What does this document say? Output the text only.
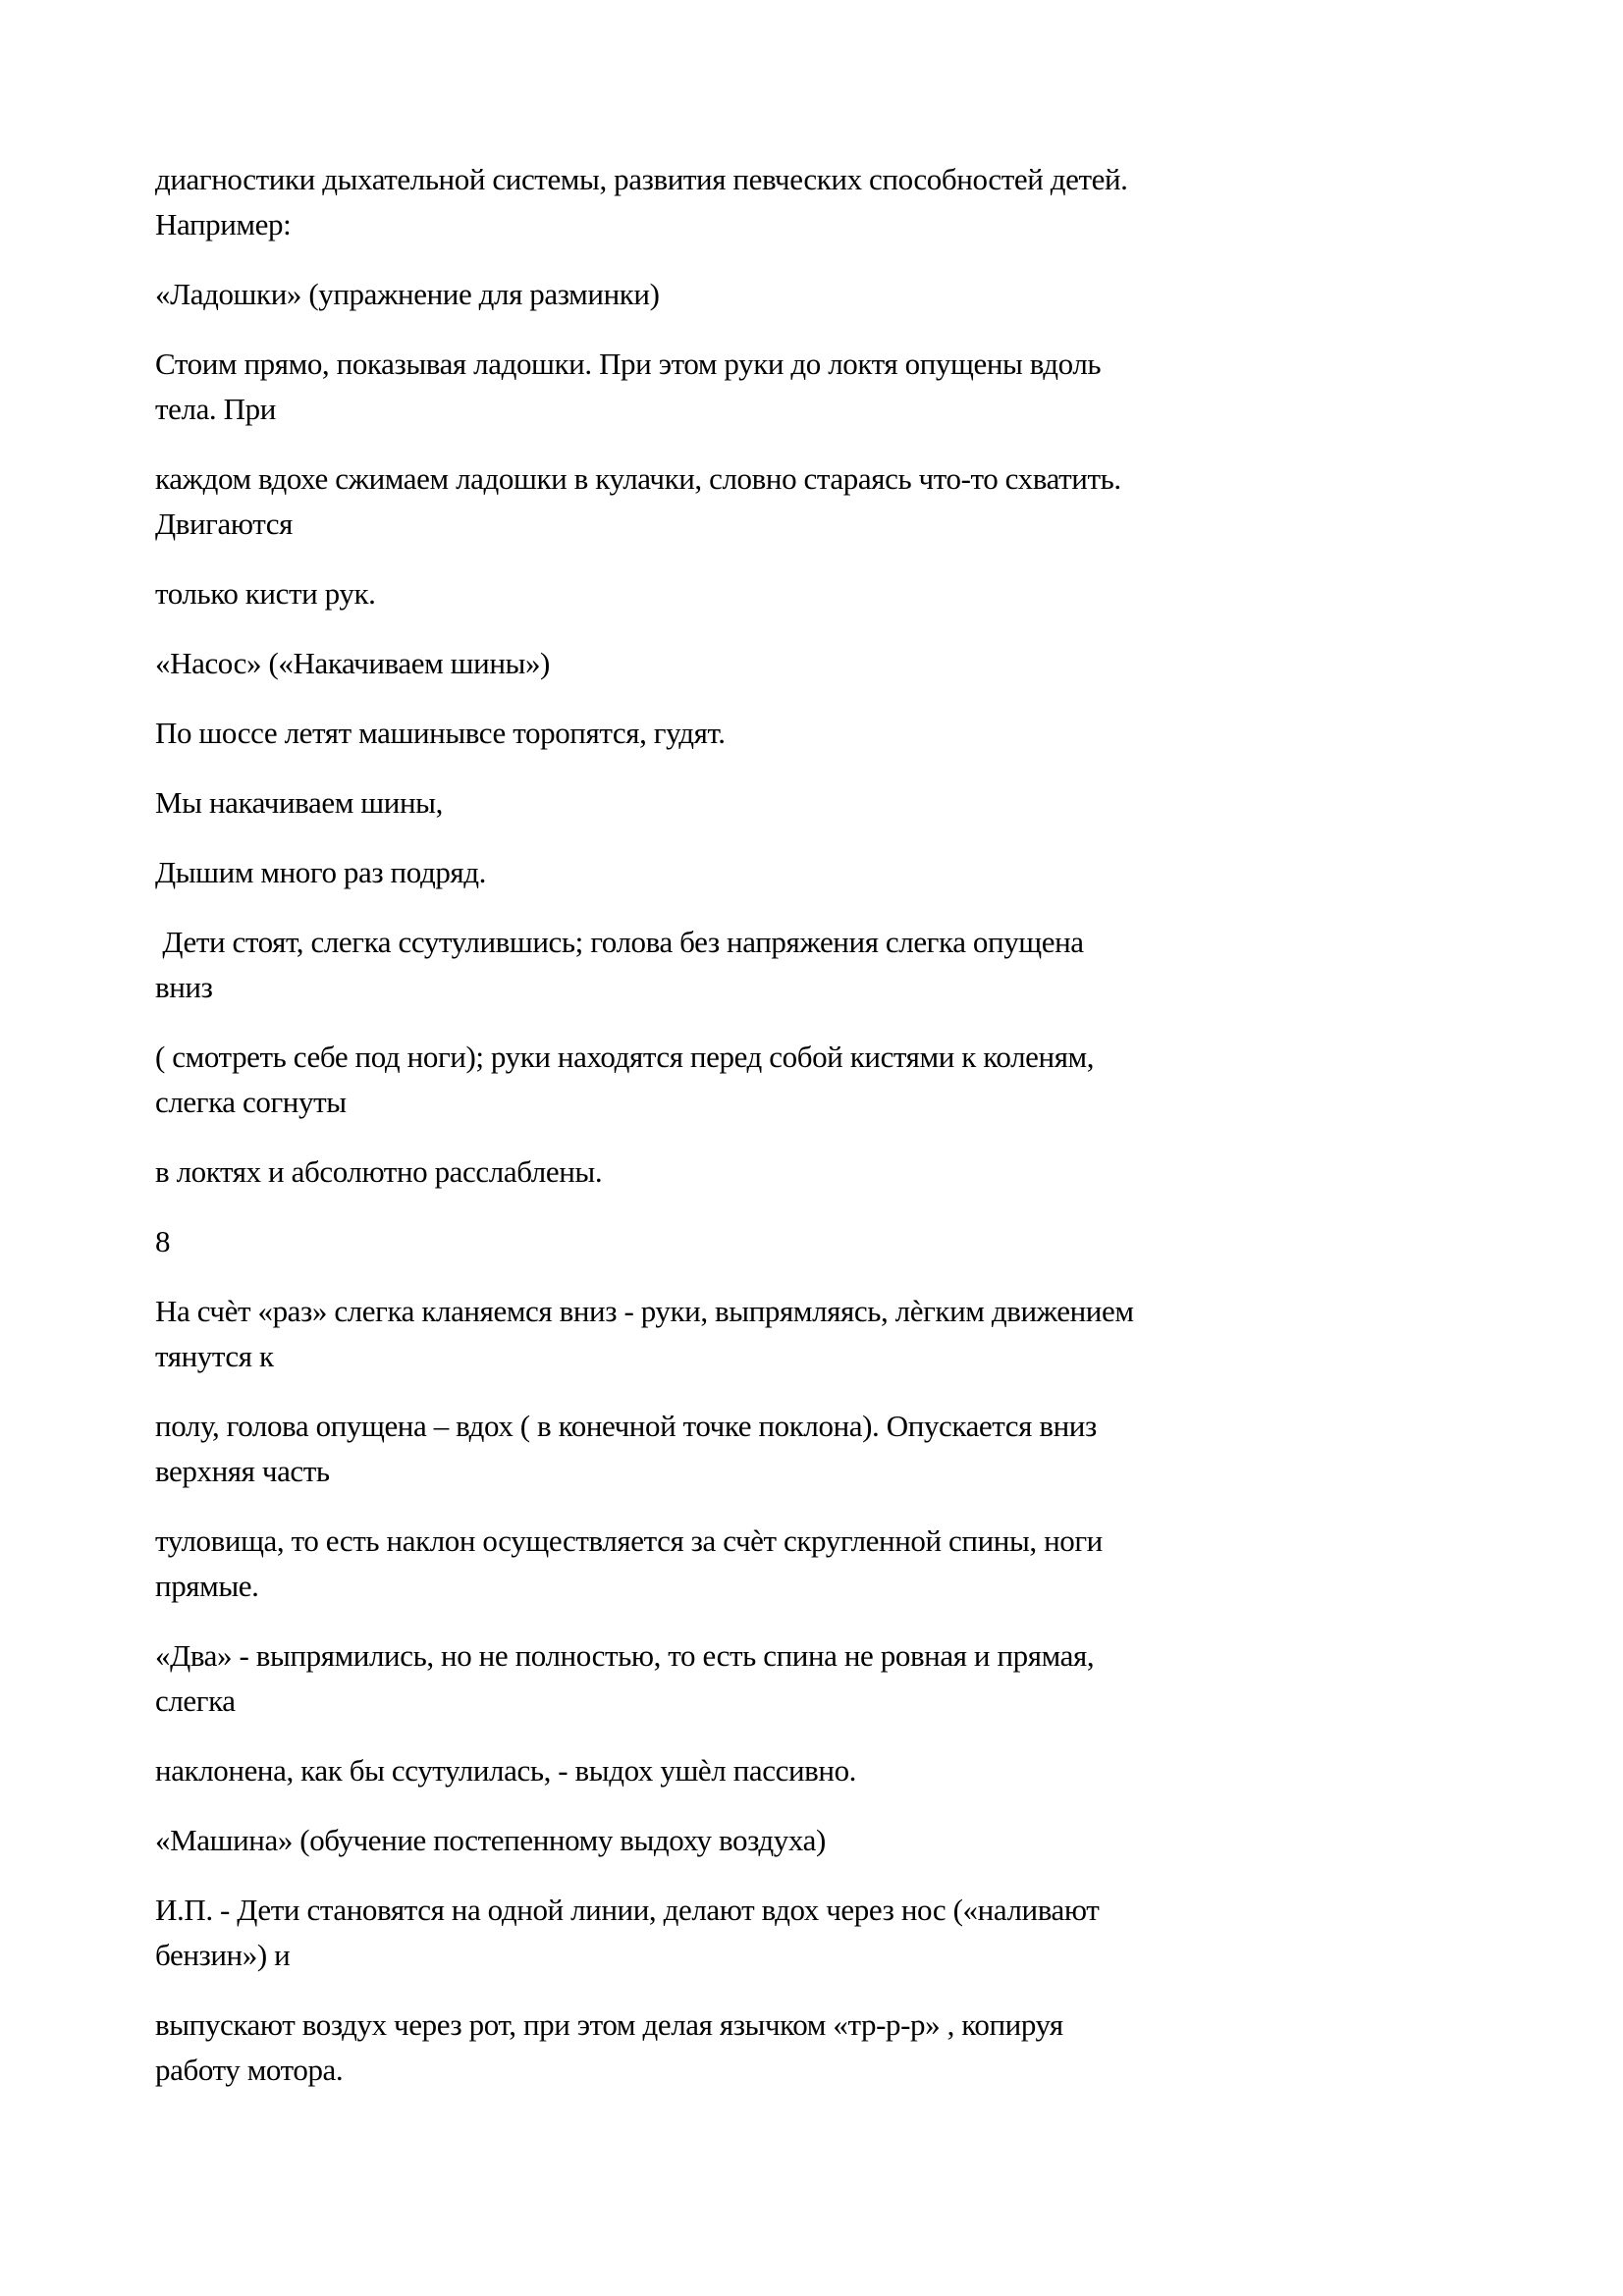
диагностики дыхательной системы, развития певческих способностей детей.
Например:

«Ладошки» (упражнение для разминки)

Стоим прямо, показывая ладошки. При этом руки до локтя опущены вдоль
тела. При

каждом вдохе сжимаем ладошки в кулачки, словно стараясь что-то схватить.
Двигаются

только кисти рук.

«Насос» («Накачиваем шины»)

По шоссе летят машинывсе торопятся, гудят.

Мы накачиваем шины,

Дышим много раз подряд.

Дети стоят, слегка ссутулившись; голова без напряжения слегка опущена
вниз

( смотреть себе под ноги); руки находятся перед собой кистями к коленям,
слегка согнуты

в локтях и абсолютно расслаблены.

8

На счѐт «раз» слегка кланяемся вниз - руки, выпрямляясь, лѐгким движением
тянутся к

полу, голова опущена – вдох ( в конечной точке поклона). Опускается вниз
верхняя часть

туловища, то есть наклон осуществляется за счѐт скругленной спины, ноги
прямые.

«Два» - выпрямились, но не полностью, то есть спина не ровная и прямая,
слегка

наклонена, как бы ссутулилась, - выдох ушѐл пассивно.

«Машина» (обучение постепенному выдоху воздуха)

И.П. - Дети становятся на одной линии, делают вдох через нос («наливают
бензин») и

выпускают воздух через рот, при этом делая язычком «тр-р-р» , копируя
работу мотора.
